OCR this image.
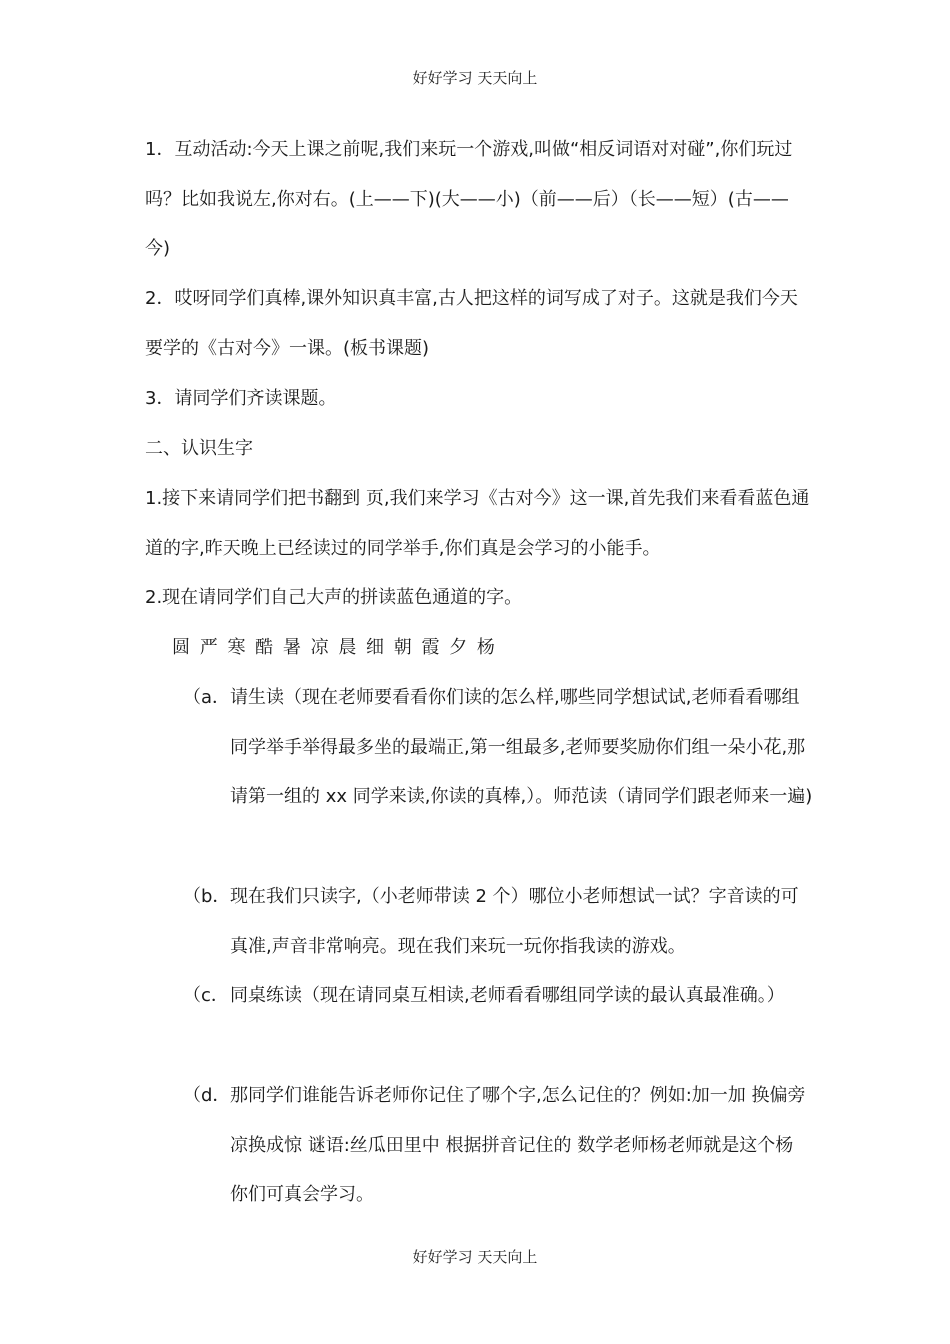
好好学习 天天向上

1．互动活动:今天上课之前呢,我们来玩一个游戏,叫做“相反词语对对碰”,你们玩过吗？比如我说左,你对右。(上——下)(大——小)（前——后）（长——短）(古——今)

2．哎呀同学们真棒,课外知识真丰富,古人把这样的词写成了对子。这就是我们今天要学的《古对今》一课。(板书课题)

3．请同学们齐读课题。

二、认识生字

1.接下来请同学们把书翻到 页,我们来学习《古对今》这一课,首先我们来看看蓝色通道的字,昨天晚上已经读过的同学举手,你们真是会学习的小能手。

2.现在请同学们自己大声的拼读蓝色通道的字。

圆 严 寒 酷 暑 凉 晨 细 朝 霞 夕 杨

（a． 请生读（现在老师要看看你们读的怎么样,哪些同学想试试,老师看看哪组同学举手举得最多坐的最端正,第一组最多,老师要奖励你们组一朵小花,那请第一组的 xx 同学来读,你读的真棒,）。师范读（请同学们跟老师来一遍)

（b． 现在我们只读字,（小老师带读 2 个）哪位小老师想试一试？字音读的可真准,声音非常响亮。现在我们来玩一玩你指我读的游戏。

（c． 同桌练读（现在请同桌互相读,老师看看哪组同学读的最认真最准确。）

（d． 那同学们谁能告诉老师你记住了哪个字,怎么记住的？例如:加一加 换偏旁凉换成惊 谜语:丝瓜田里中 根据拼音记住的 数学老师杨老师就是这个杨 你们可真会学习。

好好学习 天天向上
